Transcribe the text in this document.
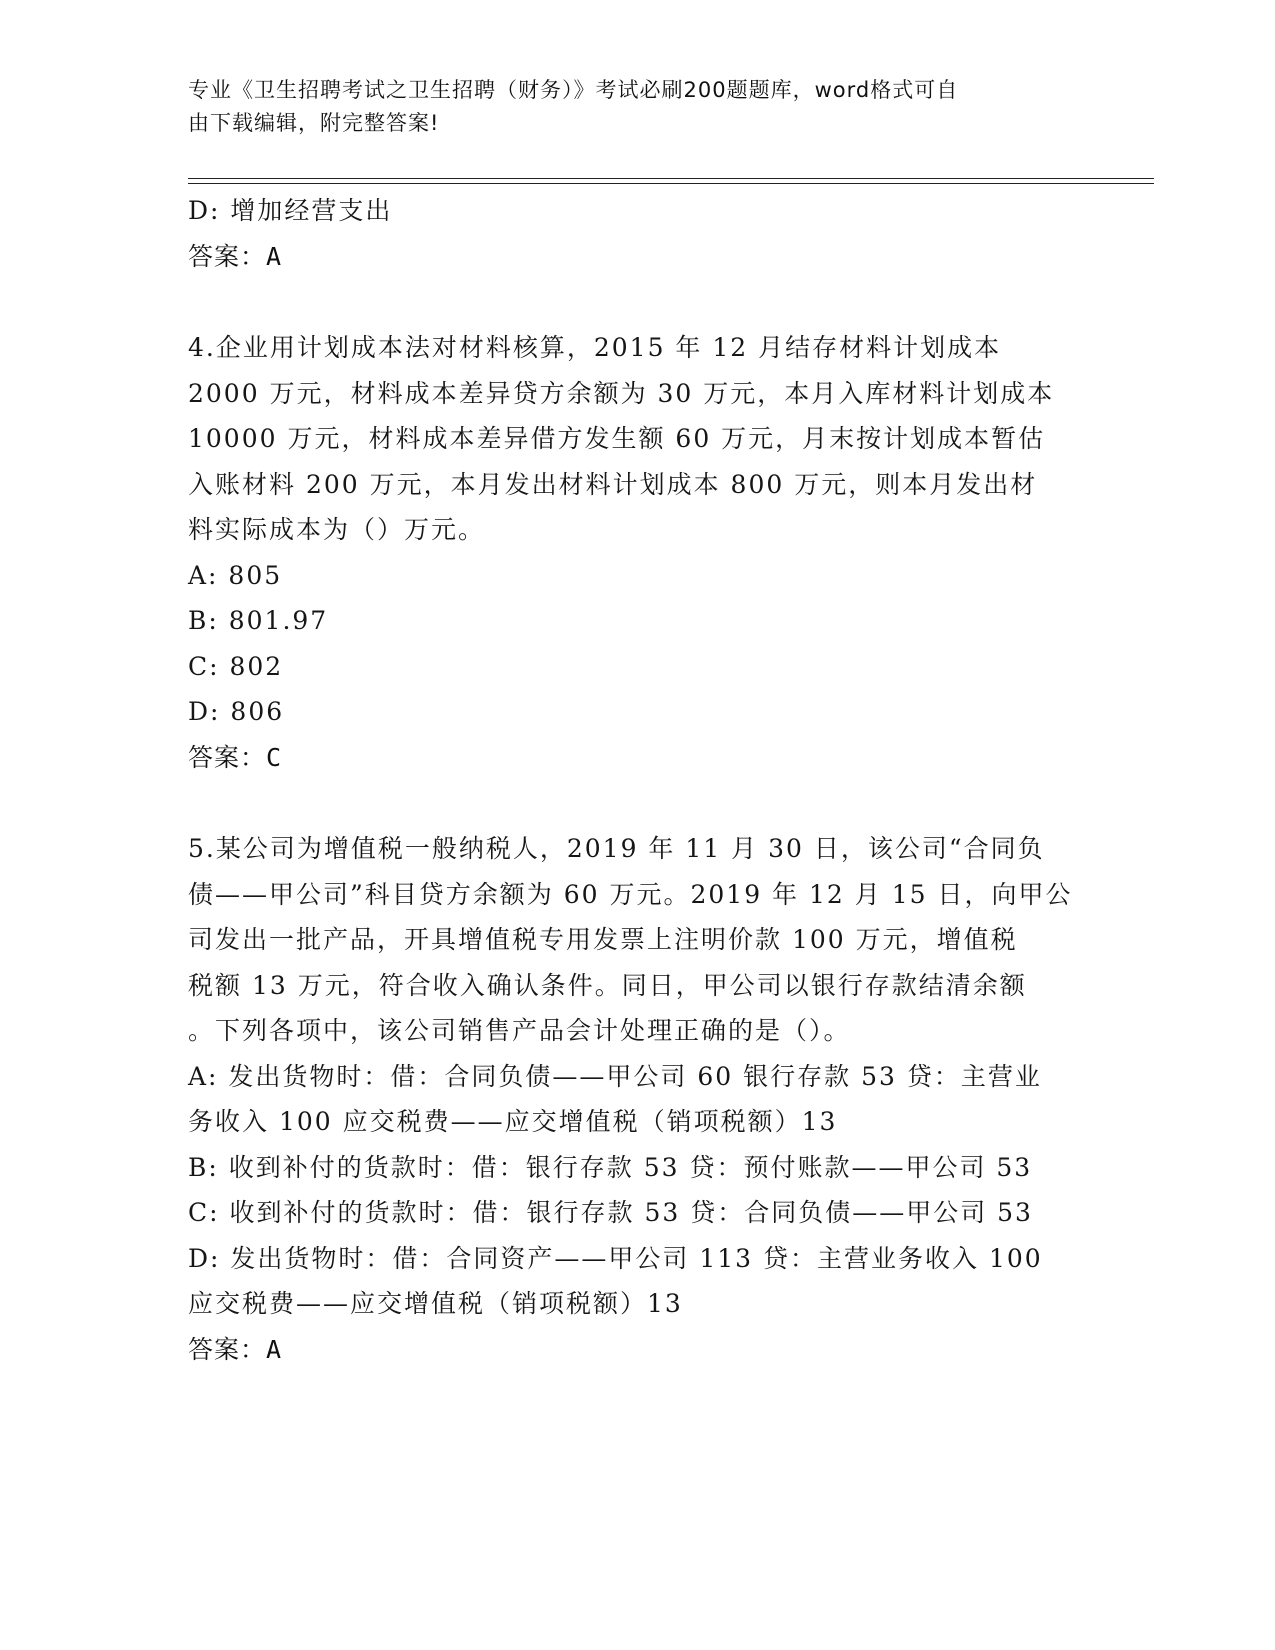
专业《卫生招聘考试之卫生招聘（财务）》考试必刷200题题库，word格式可自
由下载编辑，附完整答案!
D: 增加经营支出
答案：A
4.企业用计划成本法对材料核算，2015 年 12 月结存材料计划成本
2000 万元，材料成本差异贷方余额为 30 万元，本月入库材料计划成本
10000 万元，材料成本差异借方发生额 60 万元，月末按计划成本暂估
入账材料 200 万元，本月发出材料计划成本 800 万元，则本月发出材
料实际成本为（）万元。
A: 805
B: 801.97
C: 802
D: 806
答案：C
5.某公司为增值税一般纳税人，2019 年 11 月 30 日，该公司“合同负
债——甲公司”科目贷方余额为 60 万元。2019 年 12 月 15 日，向甲公
司发出一批产品，开具增值税专用发票上注明价款 100 万元，增值税
税额 13 万元，符合收入确认条件。同日，甲公司以银行存款结清余额
。下列各项中，该公司销售产品会计处理正确的是（）。
A: 发出货物时：借：合同负债——甲公司 60 银行存款 53 贷：主营业
务收入 100 应交税费——应交增值税（销项税额）13
B: 收到补付的货款时：借：银行存款 53 贷：预付账款——甲公司 53
C: 收到补付的货款时：借：银行存款 53 贷：合同负债——甲公司 53
D: 发出货物时：借：合同资产——甲公司 113 贷：主营业务收入 100
应交税费——应交增值税（销项税额）13
答案：A
